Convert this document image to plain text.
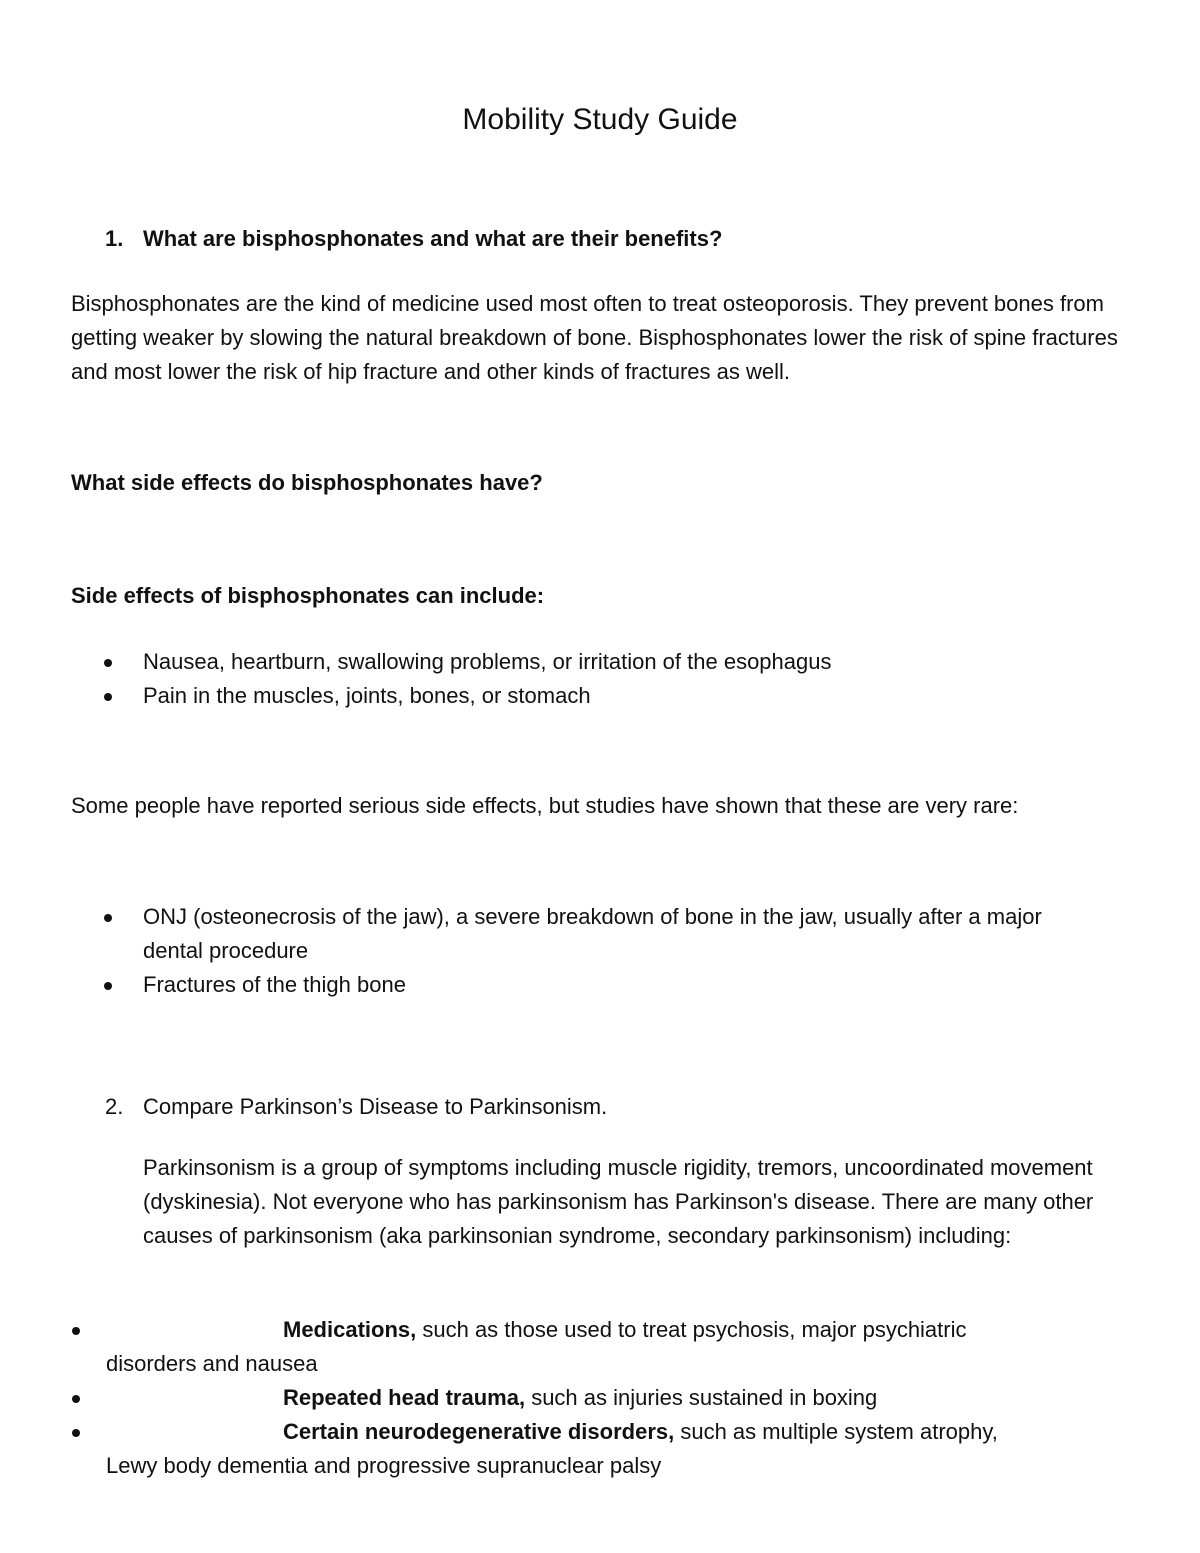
Mobility Study Guide
1. What are bisphosphonates and what are their benefits?
Bisphosphonates are the kind of medicine used most often to treat osteoporosis. They prevent bones from getting weaker by slowing the natural breakdown of bone. Bisphosphonates lower the risk of spine fractures and most lower the risk of hip fracture and other kinds of fractures as well.
What side effects do bisphosphonates have?
Side effects of bisphosphonates can include:
Nausea, heartburn, swallowing problems, or irritation of the esophagus
Pain in the muscles, joints, bones, or stomach
Some people have reported serious side effects, but studies have shown that these are very rare:
ONJ (osteonecrosis of the jaw), a severe breakdown of bone in the jaw, usually after a major dental procedure
Fractures of the thigh bone
2. Compare Parkinson’s Disease to Parkinsonism.
Parkinsonism is a group of symptoms including muscle rigidity, tremors, uncoordinated movement (dyskinesia). Not everyone who has parkinsonism has Parkinson's disease. There are many other causes of parkinsonism (aka parkinsonian syndrome, secondary parkinsonism) including:
Medications, such as those used to treat psychosis, major psychiatric
disorders and nausea
Repeated head trauma, such as injuries sustained in boxing
Certain neurodegenerative disorders, such as multiple system atrophy,
Lewy body dementia and progressive supranuclear palsy
